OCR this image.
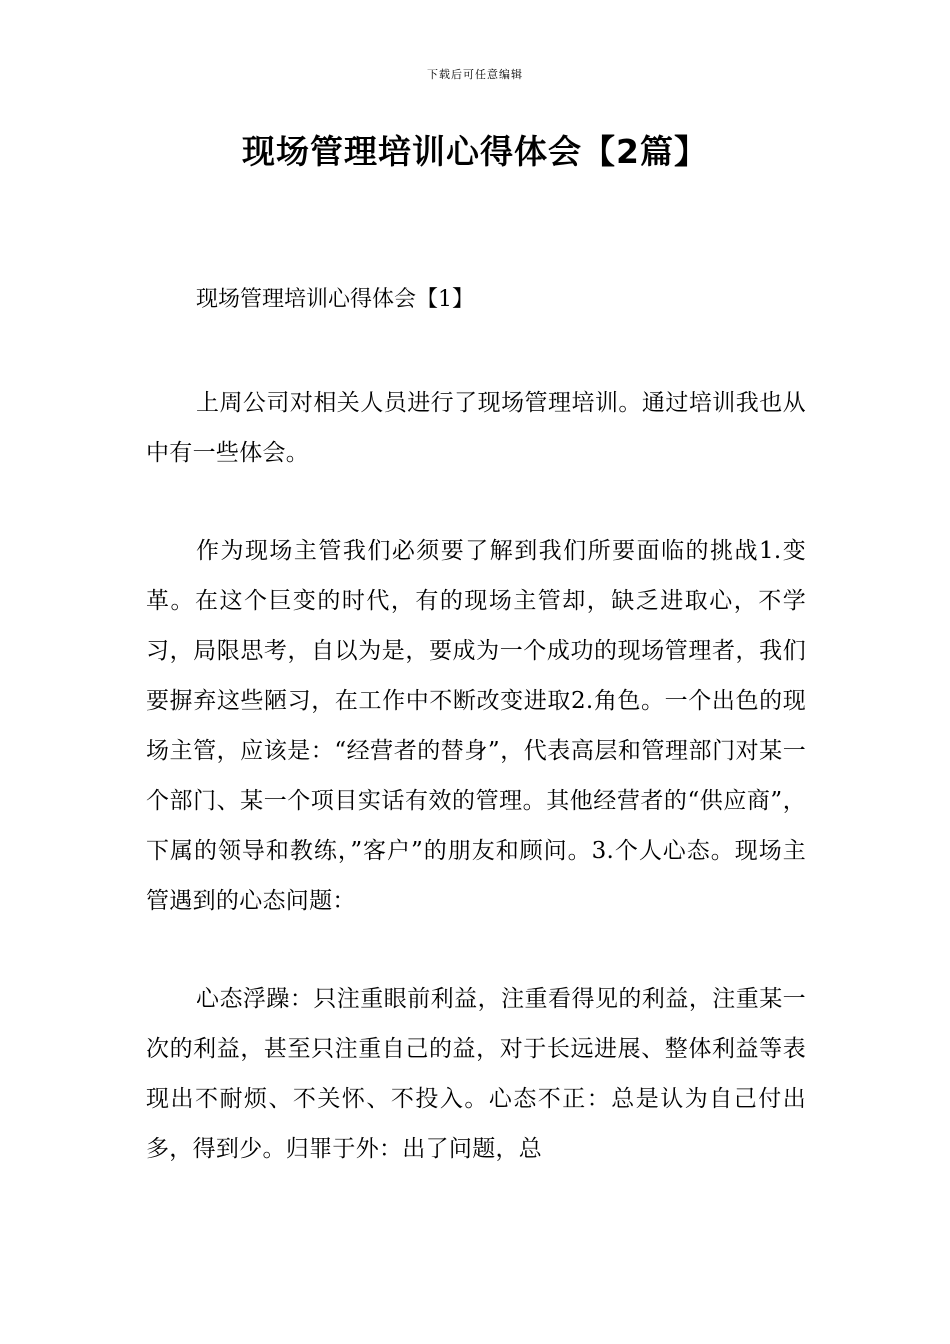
下载后可任意编辑
现场管理培训心得体会【2篇】

现场管理培训心得体会【1】

上周公司对相关人员进行了现场管理培训。通过培训我也从中有一些体会。

作为现场主管我们必须要了解到我们所要面临的挑战1.变革。在这个巨变的时代，有的现场主管却，缺乏进取心，不学习，局限思考，自以为是，要成为一个成功的现场管理者，我们要摒弃这些陋习，在工作中不断改变进取2.角色。一个出色的现场主管，应该是：“经营者的替身”，代表高层和管理部门对某一个部门、某一个项目实话有效的管理。其他经营者的“供应商”，下属的领导和教练，”客户”的朋友和顾问。3.个人心态。现场主管遇到的心态问题：

心态浮躁：只注重眼前利益，注重看得见的利益，注重某一次的利益，甚至只注重自己的益，对于长远进展、整体利益等表现出不耐烦、不关怀、不投入。心态不正：总是认为自己付出多，得到少。归罪于外：出了问题，总
